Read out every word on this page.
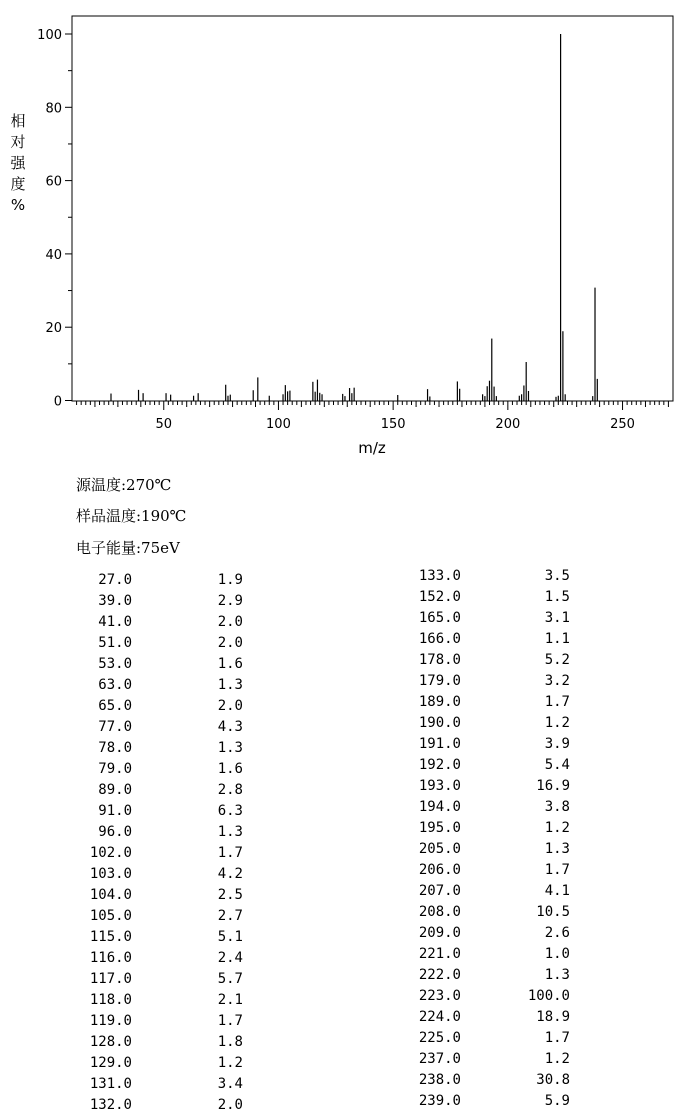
0
20
40
60
80
100
50	100	150	200	250
m/z
相
对
强
度
%
源温度:270℃
样品温度:190℃
电子能量:75eV
27.0	1.9
39.0	2.9
41.0	2.0
51.0	2.0
53.0	1.6
63.0	1.3
65.0	2.0
77.0	4.3
78.0	1.3
79.0	1.6
89.0	2.8
91.0	6.3
96.0	1.3
102.0	1.7
103.0	4.2
104.0	2.5
105.0	2.7
115.0	5.1
116.0	2.4
117.0	5.7
118.0	2.1
119.0	1.7
128.0	1.8
129.0	1.2
131.0	3.4
132.0	2.0
133.0	3.5
152.0	1.5
165.0	3.1
166.0	1.1
178.0	5.2
179.0	3.2
189.0	1.7
190.0	1.2
191.0	3.9
192.0	5.4
193.0	16.9
194.0	3.8
195.0	1.2
205.0	1.3
206.0	1.7
207.0	4.1
208.0	10.5
209.0	2.6
221.0	1.0
222.0	1.3
223.0	100.0
224.0	18.9
225.0	1.7
237.0	1.2
238.0	30.8
239.0	5.9
